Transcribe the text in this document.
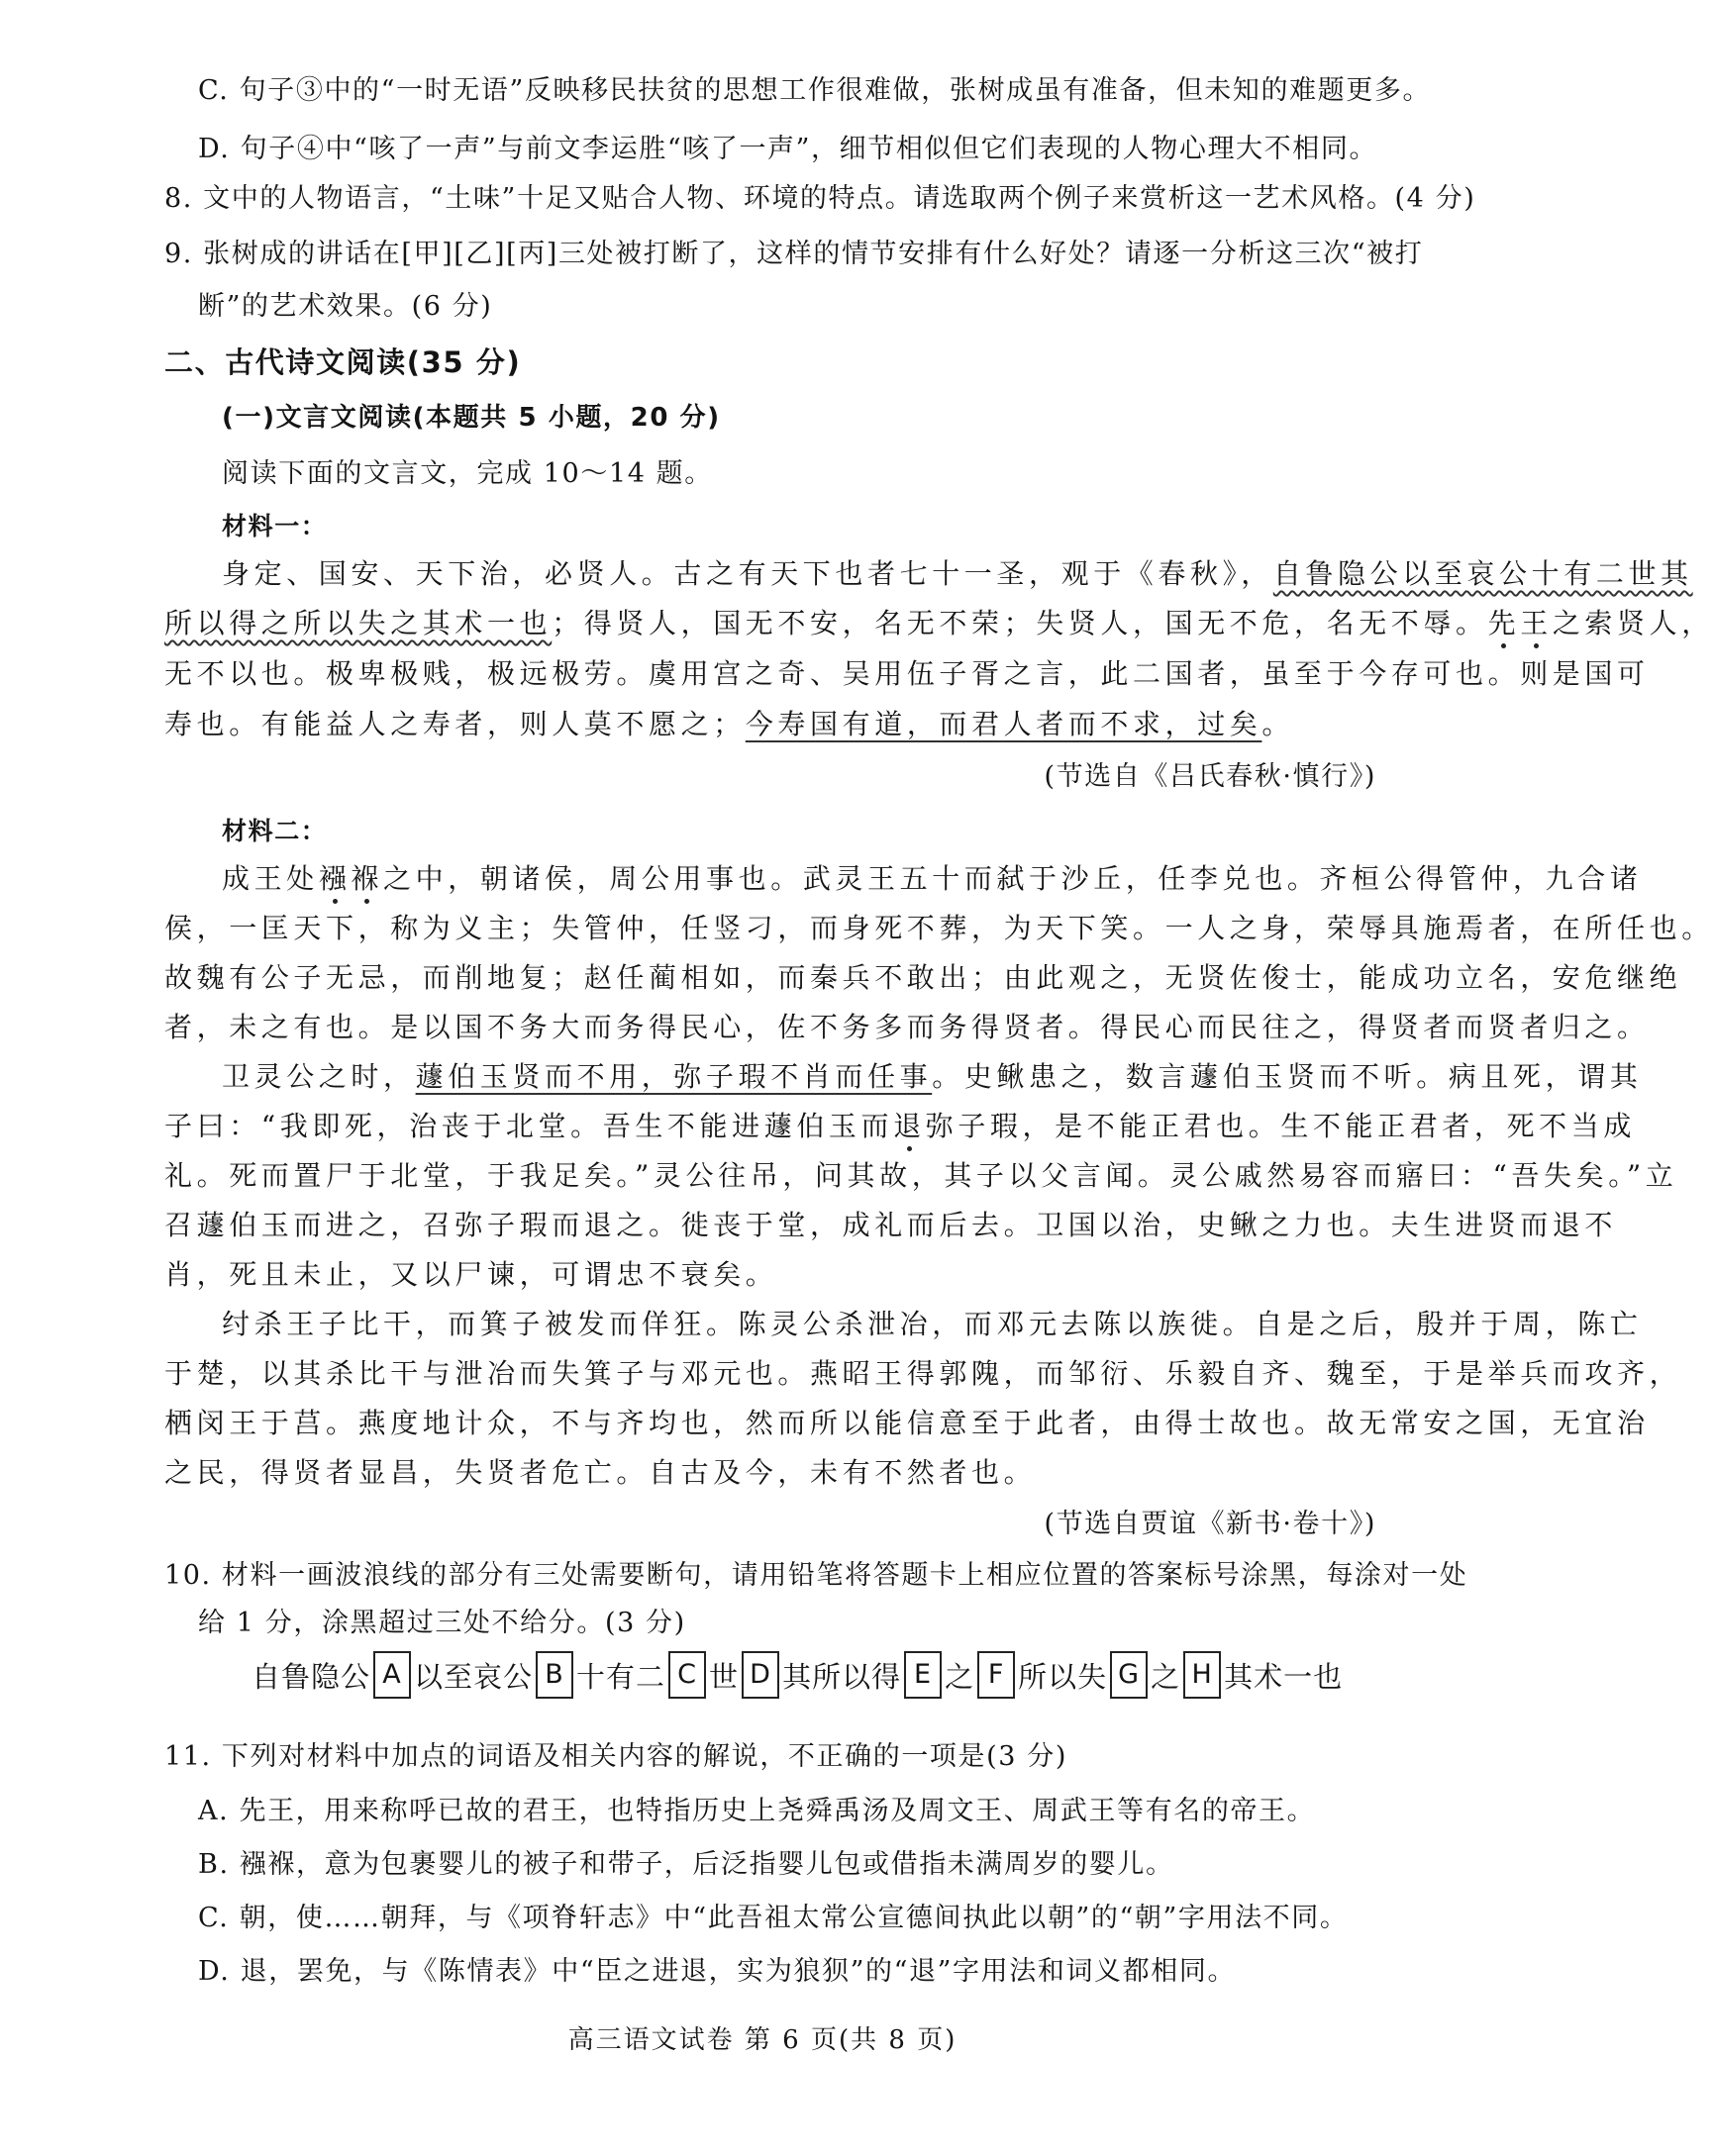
C. 句子③中的“一时无语”反映移民扶贫的思想工作很难做，张树成虽有准备，但未知的难题更多。
D. 句子④中“咳了一声”与前文李运胜“咳了一声”，细节相似但它们表现的人物心理大不相同。
8. 文中的人物语言，“土味”十足又贴合人物、环境的特点。请选取两个例子来赏析这一艺术风格。(4 分)
9. 张树成的讲话在[甲][乙][丙]三处被打断了，这样的情节安排有什么好处？请逐一分析这三次“被打
断”的艺术效果。(6 分)
二、古代诗文阅读(35 分)
(一)文言文阅读(本题共 5 小题，20 分)
阅读下面的文言文，完成 10～14 题。
材料一：
身定、国安、天下治，必贤人。古之有天下也者七十一圣，观于《春秋》，自鲁隐公以至哀公十有二世其
所以得之所以失之其术一也；得贤人，国无不安，名无不荣；失贤人，国无不危，名无不辱。先王之索贤人，
无不以也。极卑极贱，极远极劳。虞用宫之奇、吴用伍子胥之言，此二国者，虽至于今存可也。则是国可
寿也。有能益人之寿者，则人莫不愿之；今寿国有道，而君人者而不求，过矣。
(节选自《吕氏春秋·慎行》)
材料二：
成王处襁褓之中，朝诸侯，周公用事也。武灵王五十而弑于沙丘，任李兑也。齐桓公得管仲，九合诸
侯，一匡天下，称为义主；失管仲，任竖刁，而身死不葬，为天下笑。一人之身，荣辱具施焉者，在所任也。
故魏有公子无忌，而削地复；赵任蔺相如，而秦兵不敢出；由此观之，无贤佐俊士，能成功立名，安危继绝
者，未之有也。是以国不务大而务得民心，佐不务多而务得贤者。得民心而民往之，得贤者而贤者归之。
卫灵公之时，蘧伯玉贤而不用，弥子瑕不肖而任事。史鳅患之，数言蘧伯玉贤而不听。病且死，谓其
子曰：“我即死，治丧于北堂。吾生不能进蘧伯玉而退弥子瑕，是不能正君也。生不能正君者，死不当成
礼。死而置尸于北堂，于我足矣。”灵公往吊，问其故，其子以父言闻。灵公戚然易容而寤曰：“吾失矣。”立
召蘧伯玉而进之，召弥子瑕而退之。徙丧于堂，成礼而后去。卫国以治，史鳅之力也。夫生进贤而退不
肖，死且未止，又以尸谏，可谓忠不衰矣。
纣杀王子比干，而箕子被发而佯狂。陈灵公杀泄冶，而邓元去陈以族徙。自是之后，殷并于周，陈亡
于楚，以其杀比干与泄冶而失箕子与邓元也。燕昭王得郭隗，而邹衍、乐毅自齐、魏至，于是举兵而攻齐，
栖闵王于莒。燕度地计众，不与齐均也，然而所以能信意至于此者，由得士故也。故无常安之国，无宜治
之民，得贤者显昌，失贤者危亡。自古及今，未有不然者也。
(节选自贾谊《新书·卷十》)
10. 材料一画波浪线的部分有三处需要断句，请用铅笔将答题卡上相应位置的答案标号涂黑，每涂对一处
给 1 分，涂黑超过三处不给分。(3 分)
自鲁隐公 A 以至哀公 B 十有二 C 世 D 其所以得 E 之 F 所以失 G 之 H 其术一也
11. 下列对材料中加点的词语及相关内容的解说，不正确的一项是(3 分)
A. 先王，用来称呼已故的君王，也特指历史上尧舜禹汤及周文王、周武王等有名的帝王。
B. 襁褓，意为包裹婴儿的被子和带子，后泛指婴儿包或借指未满周岁的婴儿。
C. 朝，使……朝拜，与《项脊轩志》中“此吾祖太常公宣德间执此以朝”的“朝”字用法不同。
D. 退，罢免，与《陈情表》中“臣之进退，实为狼狈”的“退”字用法和词义都相同。
高三语文试卷 第 6 页(共 8 页)
